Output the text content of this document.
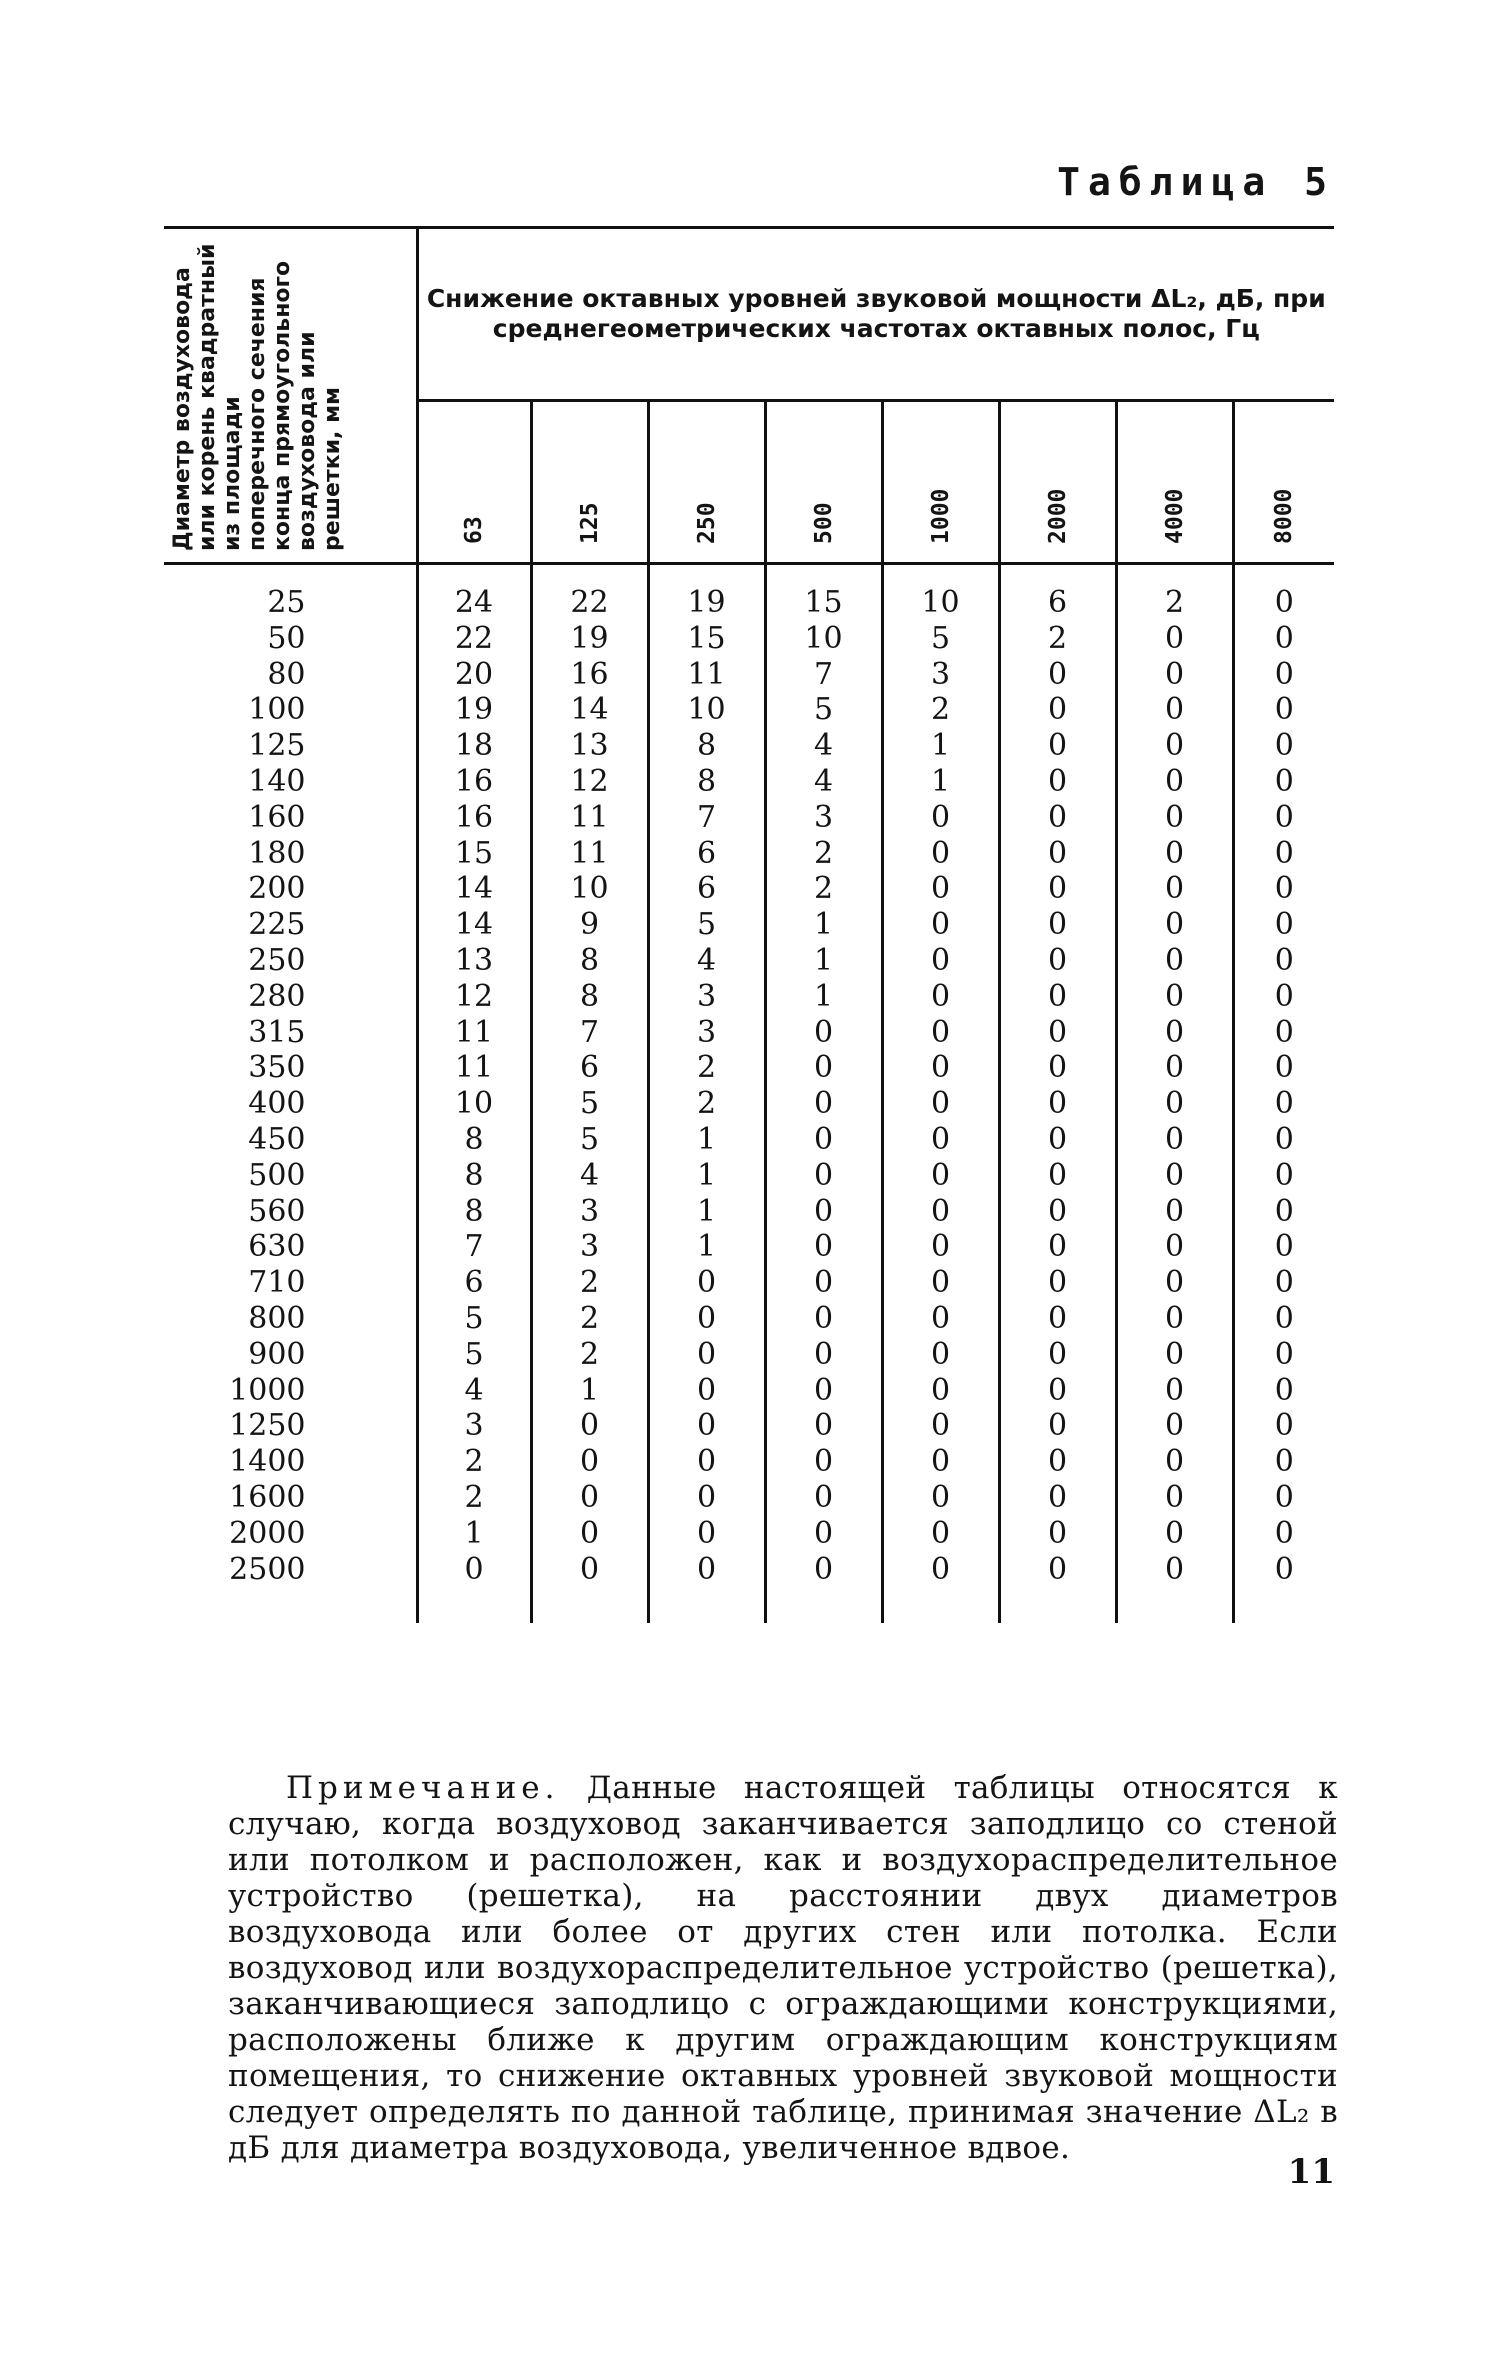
Таблица 5
Диаметр воздуховода или корень квадратный из площади поперечного сечения конца прямоугольного воздуховода или решетки, мм	Снижение октавных уровней звуковой мощности ΔL₂, дБ, при среднегеометрических частотах октавных полос, Гц							

	63	125	250	500	1000	2000	4000	8000

25	24	22	19	15	10	6	2	0
50	22	19	15	10	5	2	0	0
80	20	16	11	7	3	0	0	0
100	19	14	10	5	2	0	0	0
125	18	13	8	4	1	0	0	0
140	16	12	8	4	1	0	0	0
160	16	11	7	3	0	0	0	0
180	15	11	6	2	0	0	0	0
200	14	10	6	2	0	0	0	0
225	14	9	5	1	0	0	0	0
250	13	8	4	1	0	0	0	0
280	12	8	3	1	0	0	0	0
315	11	7	3	0	0	0	0	0
350	11	6	2	0	0	0	0	0
400	10	5	2	0	0	0	0	0
450	8	5	1	0	0	0	0	0
500	8	4	1	0	0	0	0	0
560	8	3	1	0	0	0	0	0
630	7	3	1	0	0	0	0	0
710	6	2	0	0	0	0	0	0
800	5	2	0	0	0	0	0	0
900	5	2	0	0	0	0	0	0
1000	4	1	0	0	0	0	0	0
1250	3	0	0	0	0	0	0	0
1400	2	0	0	0	0	0	0	0
1600	2	0	0	0	0	0	0	0
2000	1	0	0	0	0	0	0	0
2500	0	0	0	0	0	0	0	0

Примечание. Данные настоящей таблицы относятся к случаю, когда воздуховод заканчивается заподлицо со стеной или потолком и расположен, как и воздухораспределительное устройство (решетка), на расстоянии двух диаметров воздуховода или более от других стен или потолка. Если воздуховод или воздухораспределительное устройство (решетка), заканчивающиеся заподлицо с ограждающими конструкциями, расположены ближе к другим ограждающим конструкциям помещения, то снижение октавных уровней звуковой мощности следует определять по данной таблице, принимая значение ΔL₂ в дБ для диаметра воздуховода, увеличенное вдвое.
11
